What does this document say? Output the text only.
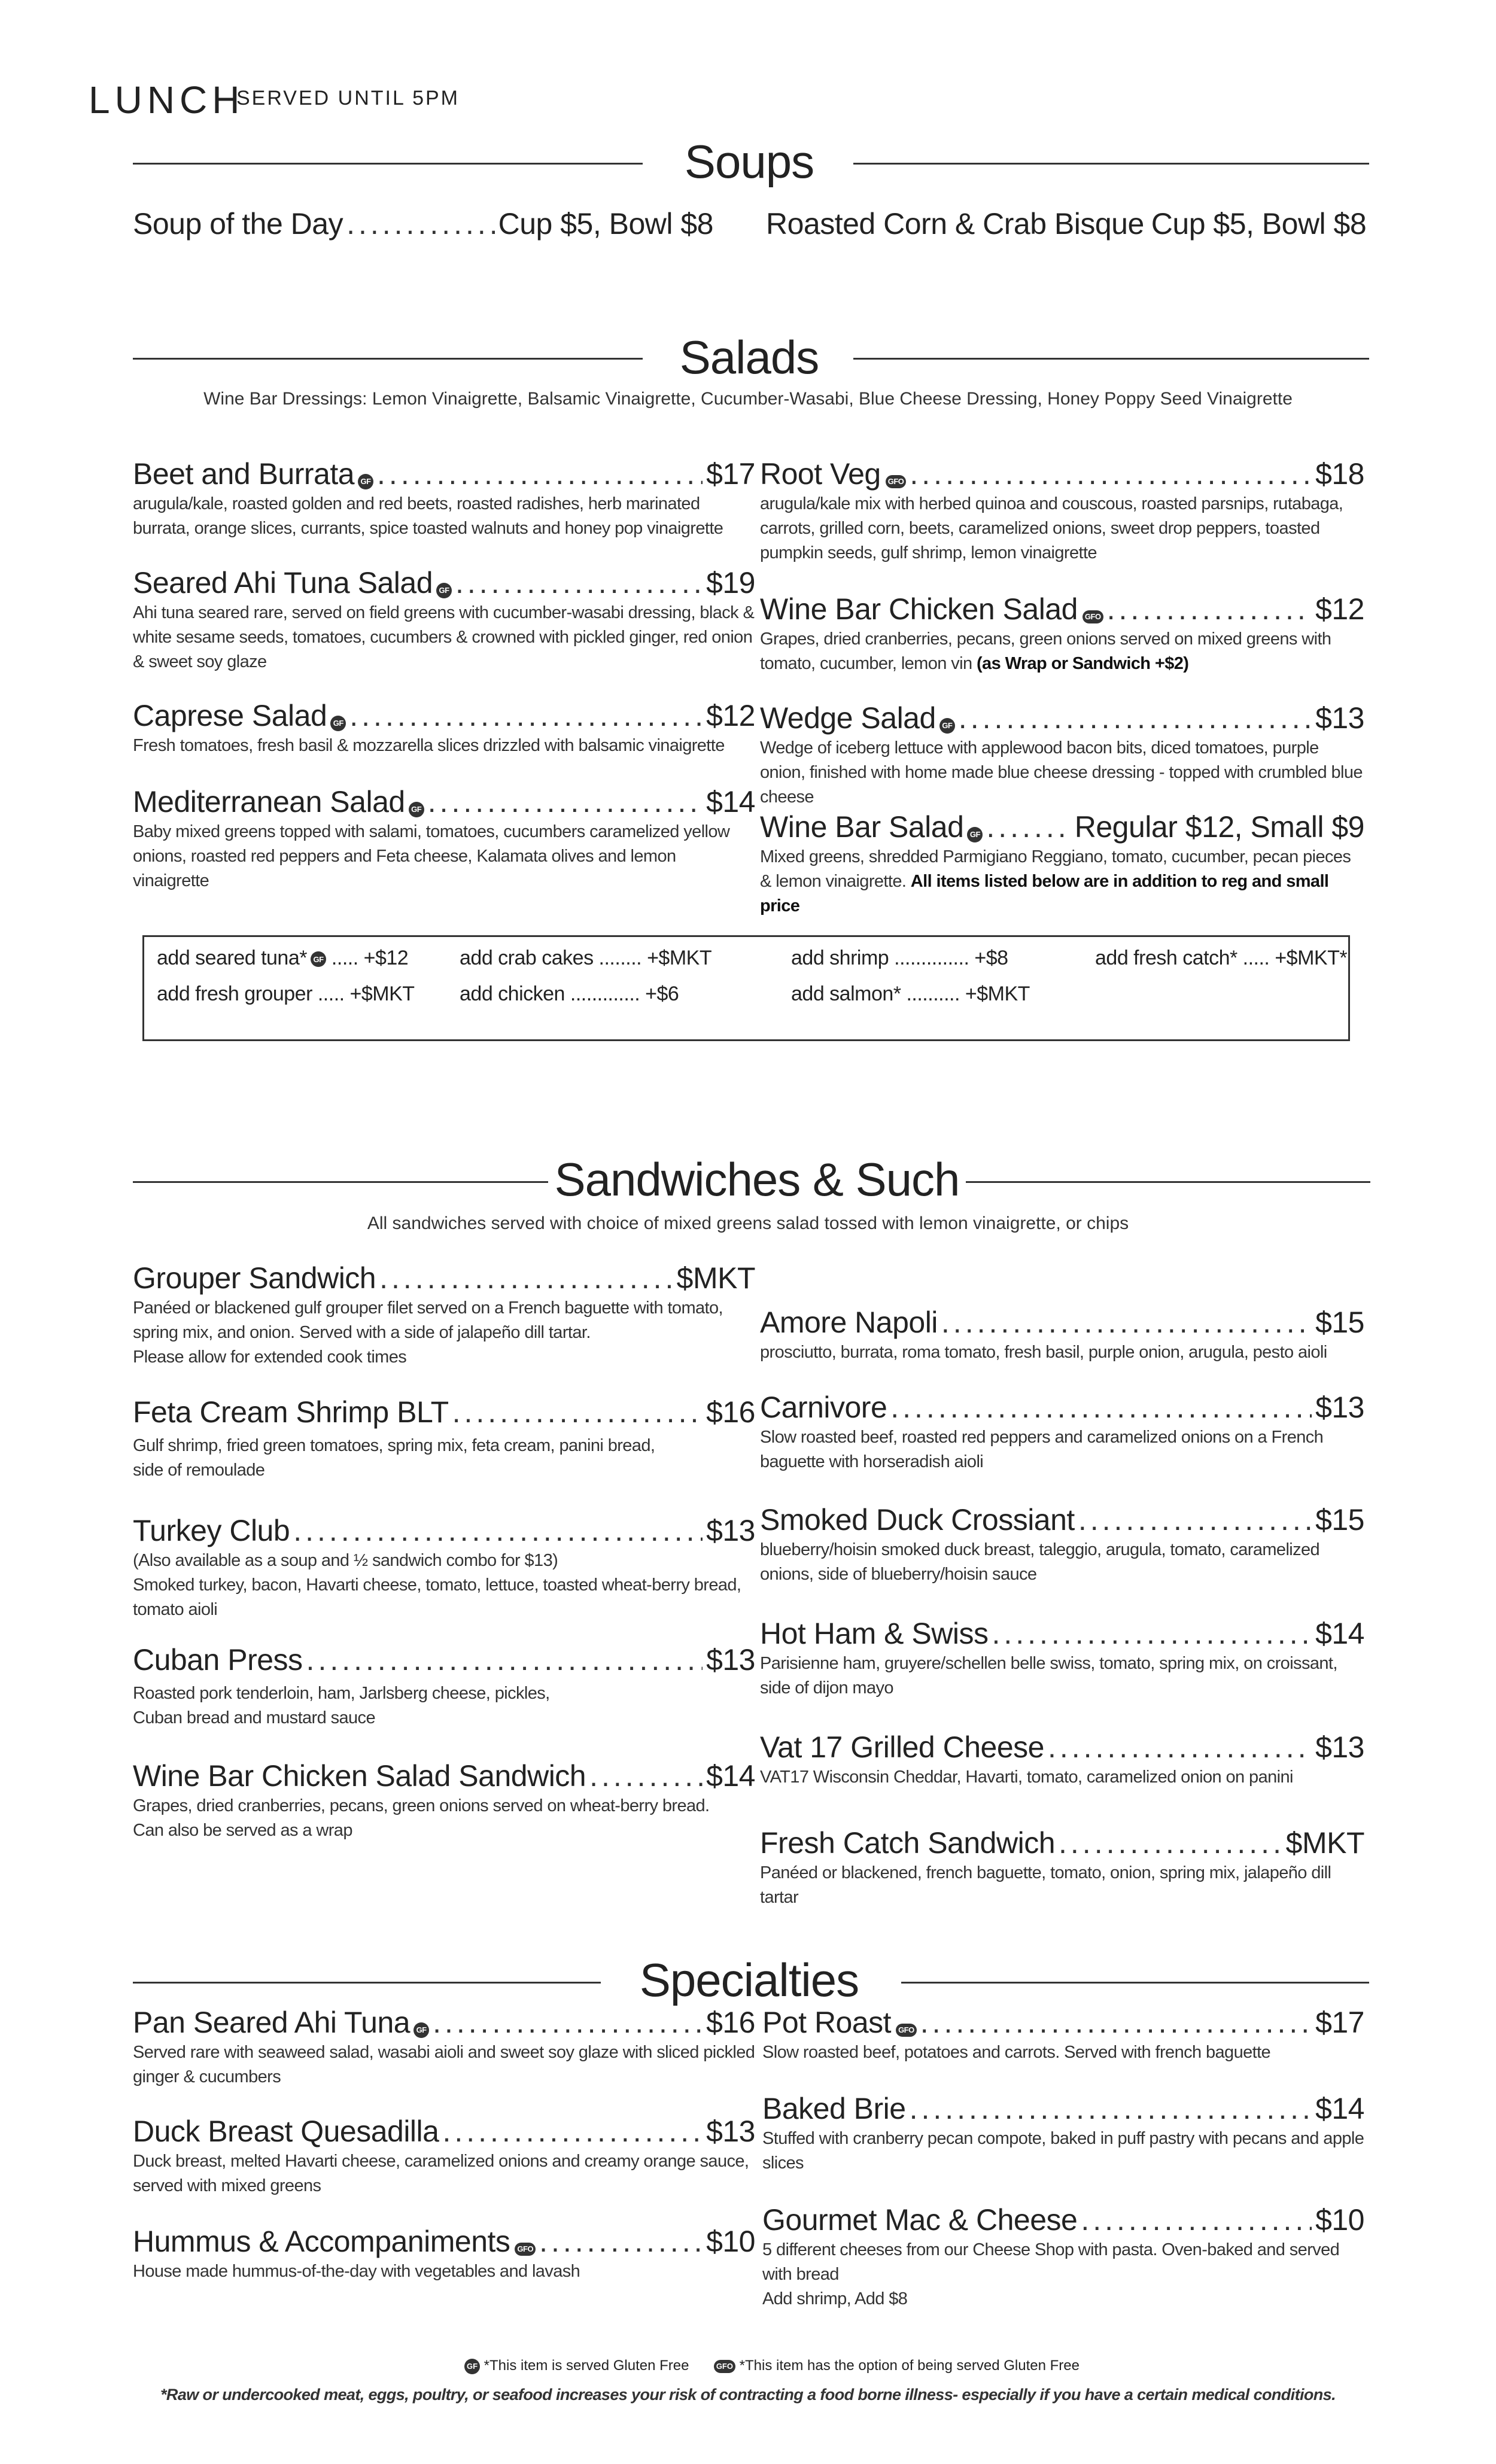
LUNCH
SERVED UNTIL 5PM
Soups
Soup of the Day .....	Cup $5, Bowl $8 Roasted Corn & Crab Bisque Cup $5, Bowl $8
Salads
Wine Bar Dressings: Lemon Vinaigrette, Balsamic Vinaigrette, Cucumber-Wasabi, Blue Cheese Dressing, Honey Poppy Seed Vinaigrette
Beet and Burrata GF .....	$17
arugula/kale, roasted golden and red beets, roasted radishes, herb marinated burrata, orange slices, currants, spice toasted walnuts and honey pop vinaigrette
Seared Ahi Tuna Salad GF .....	$19
Ahi tuna seared rare, served on field greens with cucumber-wasabi dressing, black & white sesame seeds, tomatoes, cucumbers & crowned with pickled ginger, red onion & sweet soy glaze
Caprese Salad GF .....	$12
Fresh tomatoes, fresh basil & mozzarella slices drizzled with balsamic vinaigrette
Mediterranean Salad GF .....	$14
Baby mixed greens topped with salami, tomatoes, cucumbers caramelized yellow onions, roasted red peppers and Feta cheese, Kalamata olives and lemon vinaigrette
Root Veg GFO .....	$18
arugula/kale mix with herbed quinoa and couscous, roasted parsnips, rutabaga, carrots, grilled corn, beets, caramelized onions, sweet drop peppers, toasted pumpkin seeds, gulf shrimp, lemon vinaigrette
Wine Bar Chicken Salad GFO .....	$12
Grapes, dried cranberries, pecans, green onions served on mixed greens with tomato, cucumber, lemon vin (as Wrap or Sandwich +$2)
Wedge Salad GF .....	$13
Wedge of iceberg lettuce with applewood bacon bits, diced tomatoes, purple onion, finished with home made blue cheese dressing - topped with crumbled blue cheese
Wine Bar Salad GF .....	Regular $12, Small $9
Mixed greens, shredded Parmigiano Reggiano, tomato, cucumber, pecan pieces & lemon vinaigrette. All items listed below are in addition to reg and small price
add seared tuna* GF ..... +$12	add crab cakes ........ +$MKT	add shrimp .............. +$8	add fresh catch* ..... +$MKT*
add fresh grouper ..... +$MKT add chicken ............. +$6	add salmon* .......... +$MKT
Sandwiches & Such
All sandwiches served with choice of mixed greens salad tossed with lemon vinaigrette, or chips
Grouper Sandwich .....	$MKT
Panéed or blackened gulf grouper filet served on a French baguette with tomato, spring mix, and onion. Served with a side of jalapeño dill tartar.
Please allow for extended cook times
Feta Cream Shrimp BLT .....	$16
Gulf shrimp, fried green tomatoes, spring mix, feta cream, panini bread,
side of remoulade
Turkey Club .....	$13
(Also available as a soup and ½ sandwich combo for $13)
Smoked turkey, bacon, Havarti cheese, tomato, lettuce, toasted wheat-berry bread, tomato aioli
Cuban Press .....	$13
Roasted pork tenderloin, ham, Jarlsberg cheese, pickles,
Cuban bread and mustard sauce
Wine Bar Chicken Salad Sandwich .....	$14
Grapes, dried cranberries, pecans, green onions served on wheat-berry bread.
Can also be served as a wrap
Amore Napoli .....	$15
prosciutto, burrata, roma tomato, fresh basil, purple onion, arugula, pesto aioli
Carnivore .....	$13
Slow roasted beef, roasted red peppers and caramelized onions on a French baguette with horseradish aioli
Smoked Duck Crossiant .....	$15
blueberry/hoisin smoked duck breast, taleggio, arugula, tomato, caramelized onions, side of blueberry/hoisin sauce
Hot Ham & Swiss .....	$14
Parisienne ham, gruyere/schellen belle swiss, tomato, spring mix, on croissant, side of dijon mayo
Vat 17 Grilled Cheese .....	$13
VAT17 Wisconsin Cheddar, Havarti, tomato, caramelized onion on panini
Fresh Catch Sandwich .....	$MKT
Panéed or blackened, french baguette, tomato, onion, spring mix, jalapeño dill tartar
Specialties
Pan Seared Ahi Tuna GF .....	$16
Served rare with seaweed salad, wasabi aioli and sweet soy glaze with sliced pickled ginger & cucumbers
Duck Breast Quesadilla .....	$13
Duck breast, melted Havarti cheese, caramelized onions and creamy orange sauce, served with mixed greens
Hummus & Accompaniments GFO .....	$10
House made hummus-of-the-day with vegetables and lavash
Pot Roast GFO .....	$17
Slow roasted beef, potatoes and carrots. Served with french baguette
Baked Brie .....	$14
Stuffed with cranberry pecan compote, baked in puff pastry with pecans and apple slices
Gourmet Mac & Cheese .....	$10
5 different cheeses from our Cheese Shop with pasta. Oven-baked and served with bread
Add shrimp, Add $8
GF *This item is served Gluten Free	GFO *This item has the option of being served Gluten Free
*Raw or undercooked meat, eggs, poultry, or seafood increases your risk of contracting a food borne illness- especially if you have a certain medical conditions.
